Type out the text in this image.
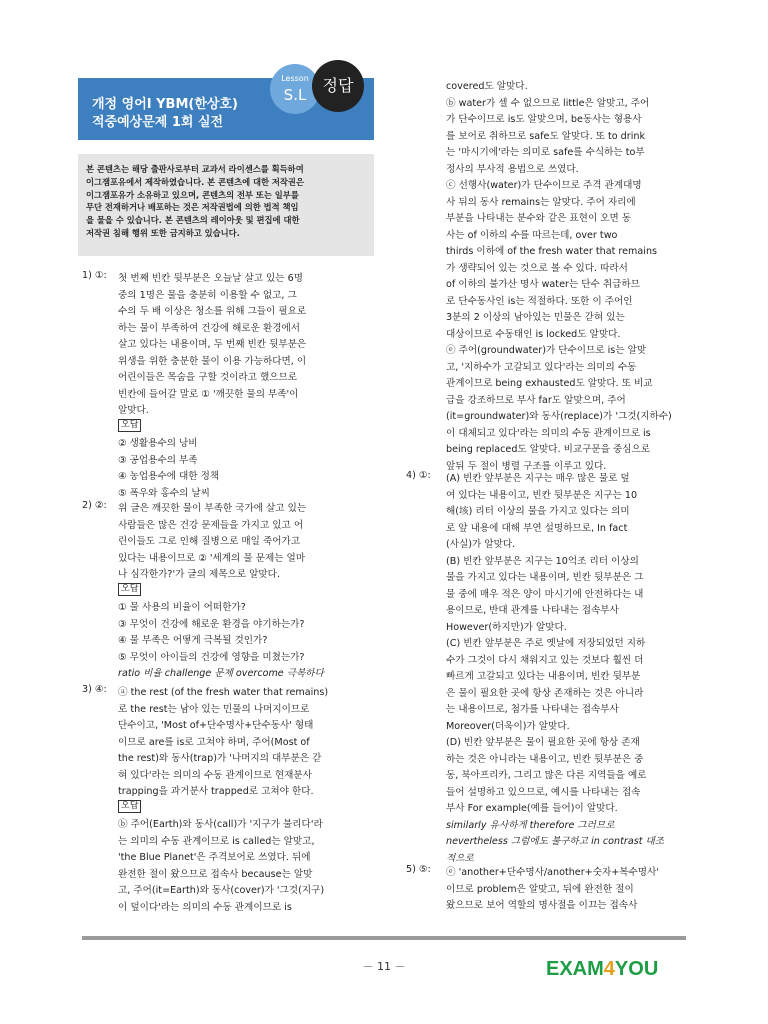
개정 영어I YBM(한상호)
적중예상문제 1회 실전
Lesson
S.L	정답
본 콘텐츠는 해당 출판사로부터 교과서 라이센스를 획득하여
이그잼포유에서 제작하였습니다. 본 콘텐츠에 대한 저작권은
이그잼포유가 소유하고 있으며, 콘텐츠의 전부 또는 일부를
무단 전재하거나 배포하는 것은 저작권법에 의한 법적 책임
을 물을 수 있습니다. 본 콘텐츠의 레이아웃 및 편집에 대한
저작권 침해 행위 또한 금지하고 있습니다.
1) ①:
2) ②:
3) ④:
첫 번째 빈칸 뒷부분은 오늘날 살고 있는 6명
중의 1명은 물을 충분히 이용할 수 없고, 그
수의 두 배 이상은 청소를 위해 그들이 필요로
하는 물이 부족하여 건강에 해로운 환경에서
살고 있다는 내용이며, 두 번째 빈칸 뒷부분은
위생을 위한 충분한 물이 이용 가능하다면, 이
어린이들은 목숨을 구할 것이라고 했으므로
빈칸에 들어갈 말로 ① '깨끗한 물의 부족'이
알맞다.
오답
② 생활용수의 낭비
③ 공업용수의 부족
④ 농업용수에 대한 정책
⑤ 폭우와 홍수의 날씨
위 글은 깨끗한 물이 부족한 국가에 살고 있는
사람들은 많은 건강 문제들을 가지고 있고 어
린이들도 그로 인해 질병으로 매일 죽어가고
있다는 내용이므로 ② '세계의 물 문제는 얼마
나 심각한가?'가 글의 제목으로 알맞다.
오답
① 물 사용의 비율이 어떠한가?
③ 무엇이 건강에 해로운 환경을 야기하는가?
④ 물 부족은 어떻게 극복될 것인가?
⑤ 무엇이 아이들의 건강에 영향을 미쳤는가?
ratio 비율 challenge 문제 overcome 극복하다
ⓐ the rest (of the fresh water that remains)
로 the rest는 남아 있는 민물의 나머지이므로
단수이고, 'Most of+단수명사+단수동사' 형태
이므로 are를 is로 고쳐야 하며, 주어(Most of
the rest)와 동사(trap)가 '나머지의 대부분은 갇
혀 있다'라는 의미의 수동 관계이므로 현재분사
trapping을 과거분사 trapped로 고쳐야 한다.
오답
ⓑ 주어(Earth)와 동사(call)가 '지구가 불리다'라
는 의미의 수동 관계이므로 is called는 알맞고,
'the Blue Planet'은 주격보어로 쓰였다. 뒤에
완전한 절이 왔으므로 접속사 because는 알맞
고, 주어(it=Earth)와 동사(cover)가 '그것(지구)
이 덮이다'라는 의미의 수동 관계이므로 is
4) ①:
5) ⑤:
covered도 알맞다.
ⓑ water가 셀 수 없으므로 little은 알맞고, 주어
가 단수이므로 is도 알맞으며, be동사는 형용사
를 보어로 취하므로 safe도 알맞다. 또 to drink
는 '마시기에'라는 의미로 safe를 수식하는 to부
정사의 부사적 용법으로 쓰였다.
ⓒ 선행사(water)가 단수이므로 주격 관계대명
사 뒤의 동사 remains는 알맞다. 주어 자리에
부분을 나타내는 분수와 같은 표현이 오면 동
사는 of 이하의 수를 따르는데, over two
thirds 이하에 of the fresh water that remains
가 생략되어 있는 것으로 볼 수 있다. 따라서
of 이하의 불가산 명사 water는 단수 취급하므
로 단수동사인 is는 적절하다. 또한 이 주어인
3분의 2 이상의 남아있는 민물은 갇혀 있는
대상이므로 수동태인 is locked도 알맞다.
ⓔ 주어(groundwater)가 단수이므로 is는 알맞
고, '지하수가 고갈되고 있다'라는 의미의 수동
관계이므로 being exhausted도 알맞다. 또 비교
급을 강조하므로 부사 far도 알맞으며, 주어
(it=groundwater)와 동사(replace)가 '그것(지하수)
이 대체되고 있다'라는 의미의 수동 관계이므로 is
being replaced도 알맞다. 비교구문을 중심으로
앞뒤 두 절이 병렬 구조를 이루고 있다.
(A) 빈칸 앞부분은 지구는 매우 많은 물로 덮
여 있다는 내용이고, 빈칸 뒷부분은 지구는 10
해(垓) 리터 이상의 물을 가지고 있다는 의미
로 앞 내용에 대해 부연 설명하므로, In fact
(사실)가 알맞다.
(B) 빈칸 앞부분은 지구는 10억조 리터 이상의
물을 가지고 있다는 내용이며, 빈칸 뒷부분은 그
물 중에 매우 적은 양이 마시기에 안전하다는 내
용이므로, 반대 관계를 나타내는 접속부사
However(하지만)가 알맞다.
(C) 빈칸 앞부분은 주로 옛날에 저장되었던 지하
수가 그것이 다시 채워지고 있는 것보다 훨씬 더
빠르게 고갈되고 있다는 내용이며, 빈칸 뒷부분
은 물이 필요한 곳에 항상 존재하는 것은 아니라
는 내용이므로, 첨가를 나타내는 접속부사
Moreover(더욱이)가 알맞다.
(D) 빈칸 앞부분은 물이 필요한 곳에 항상 존재
하는 것은 아니라는 내용이고, 빈칸 뒷부분은 중
동, 북아프리카, 그리고 많은 다른 지역들을 예로
들어 설명하고 있으므로, 예시를 나타내는 접속
부사 For example(예를 들어)이 알맞다.
similarly 유사하게 therefore 그러므로
nevertheless 그럼에도 불구하고 in contrast 대조
적으로
ⓔ 'another+단수명사/another+숫자+복수명사'
이므로 problem은 알맞고, 뒤에 완전한 절이
왔으므로 보어 역할의 명사절을 이끄는 접속사
－ 11 －	EXAM4YOU
